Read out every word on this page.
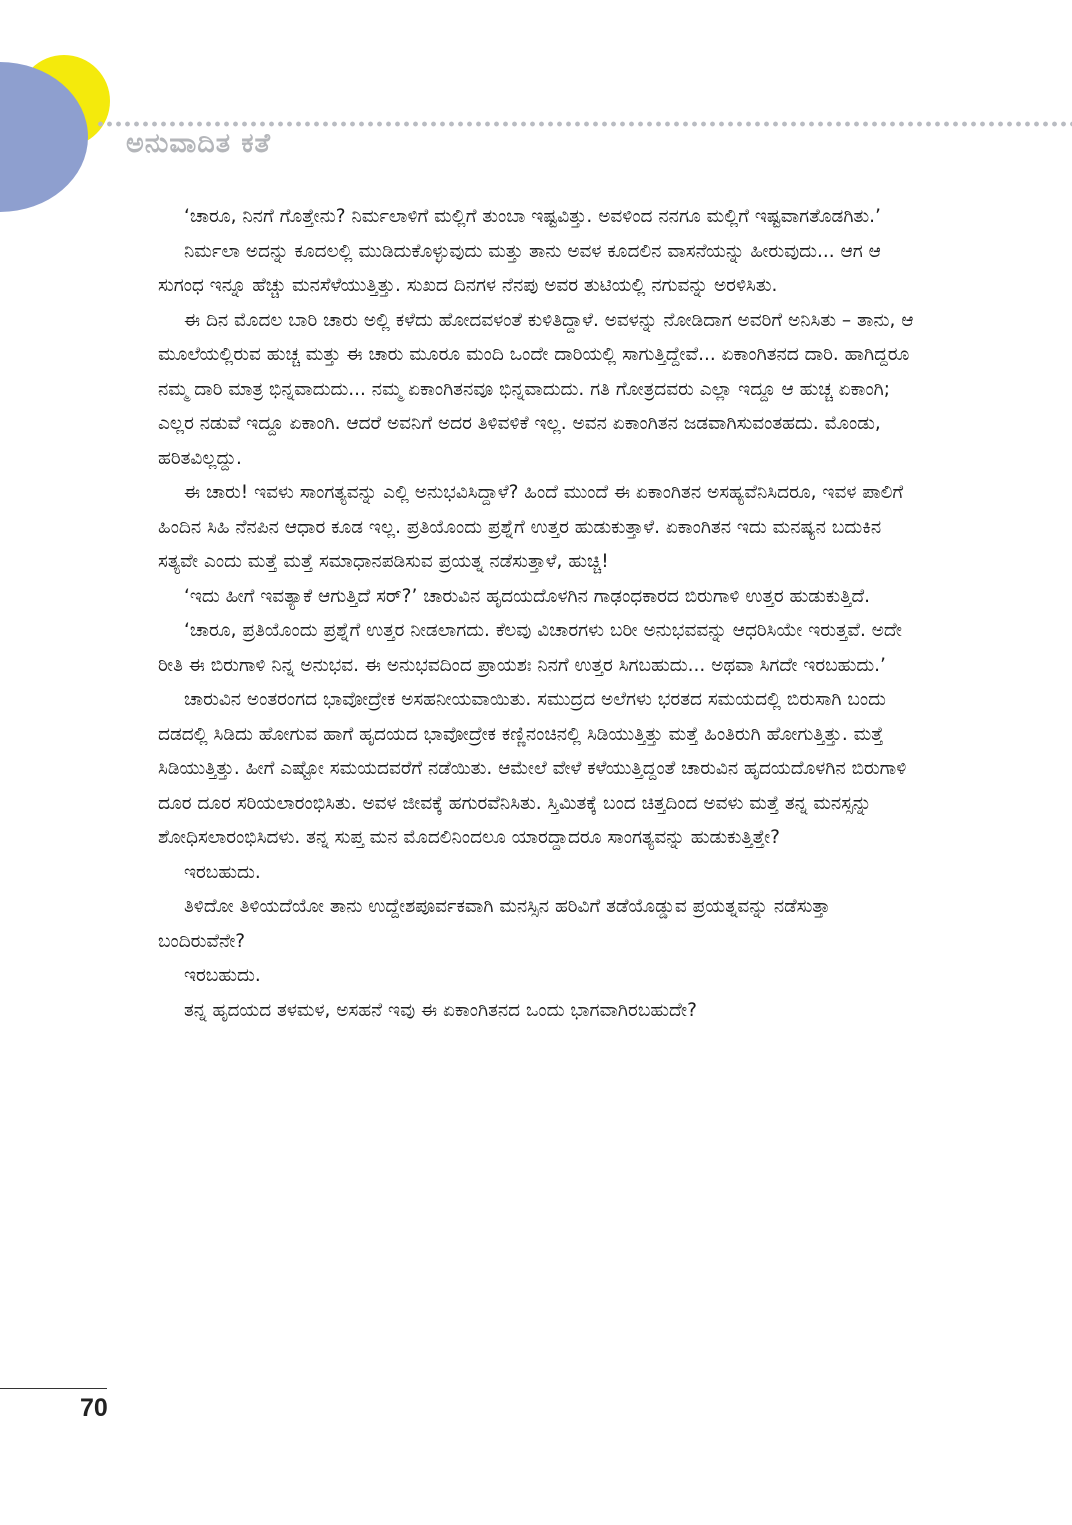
ಅನುವಾದಿತ ಕತೆ

‘ಚಾರೂ, ನಿನಗೆ ಗೊತ್ತೇನು? ನಿರ್ಮಲಾಳಿಗೆ ಮಲ್ಲಿಗೆ ತುಂಬಾ ಇಷ್ಟವಿತ್ತು. ಅವಳಿಂದ ನನಗೂ ಮಲ್ಲಿಗೆ ಇಷ್ಟವಾಗತೊಡಗಿತು.’

ನಿರ್ಮಲಾ ಅದನ್ನು ಕೂದಲಲ್ಲಿ ಮುಡಿದುಕೊಳ್ಳುವುದು ಮತ್ತು ತಾನು ಅವಳ ಕೂದಲಿನ ವಾಸನೆಯನ್ನು ಹೀರುವುದು... ಆಗ ಆ ಸುಗಂಧ ಇನ್ನೂ ಹೆಚ್ಚು ಮನಸೆಳೆಯುತ್ತಿತ್ತು. ಸುಖದ ದಿನಗಳ ನೆನಪು ಅವರ ತುಟಿಯಲ್ಲಿ ನಗುವನ್ನು ಅರಳಿಸಿತು.

ಈ ದಿನ ಮೊದಲ ಬಾರಿ ಚಾರು ಅಲ್ಲಿ ಕಳೆದು ಹೋದವಳಂತೆ ಕುಳಿತಿದ್ದಾಳೆ. ಅವಳನ್ನು ನೋಡಿದಾಗ ಅವರಿಗೆ ಅನಿಸಿತು – ತಾನು, ಆ ಮೂಲೆಯಲ್ಲಿರುವ ಹುಚ್ಚ ಮತ್ತು ಈ ಚಾರು ಮೂರೂ ಮಂದಿ ಒಂದೇ ದಾರಿಯಲ್ಲಿ ಸಾಗುತ್ತಿದ್ದೇವೆ... ಏಕಾಂಗಿತನದ ದಾರಿ. ಹಾಗಿದ್ದರೂ ನಮ್ಮ ದಾರಿ ಮಾತ್ರ ಭಿನ್ನವಾದುದು... ನಮ್ಮ ಏಕಾಂಗಿತನವೂ ಭಿನ್ನವಾದುದು. ಗತಿ ಗೋತ್ರದವರು ಎಲ್ಲಾ ಇದ್ದೂ ಆ ಹುಚ್ಚ ಏಕಾಂಗಿ; ಎಲ್ಲರ ನಡುವೆ ಇದ್ದೂ ಏಕಾಂಗಿ. ಆದರೆ ಅವನಿಗೆ ಅದರ ತಿಳಿವಳಿಕೆ ಇಲ್ಲ. ಅವನ ಏಕಾಂಗಿತನ ಜಡವಾಗಿಸುವಂತಹದು. ಮೊಂಡು, ಹರಿತವಿಲ್ಲದ್ದು.

ಈ ಚಾರು! ಇವಳು ಸಾಂಗತ್ಯವನ್ನು ಎಲ್ಲಿ ಅನುಭವಿಸಿದ್ದಾಳೆ? ಹಿಂದೆ ಮುಂದೆ ಈ ಏಕಾಂಗಿತನ ಅಸಹ್ಯವೆನಿಸಿದರೂ, ಇವಳ ಪಾಲಿಗೆ ಹಿಂದಿನ ಸಿಹಿ ನೆನಪಿನ ಆಧಾರ ಕೂಡ ಇಲ್ಲ. ಪ್ರತಿಯೊಂದು ಪ್ರಶ್ನೆಗೆ ಉತ್ತರ ಹುಡುಕುತ್ತಾಳೆ. ಏಕಾಂಗಿತನ ಇದು ಮನಷ್ಯನ ಬದುಕಿನ ಸತ್ಯವೇ ಎಂದು ಮತ್ತೆ ಮತ್ತೆ ಸಮಾಧಾನಪಡಿಸುವ ಪ್ರಯತ್ನ ನಡೆಸುತ್ತಾಳೆ, ಹುಚ್ಚಿ!

‘ಇದು ಹೀಗೆ ಇವತ್ಯಾಕೆ ಆಗುತ್ತಿದೆ ಸರ್?’ ಚಾರುವಿನ ಹೃದಯದೊಳಗಿನ ಗಾಢಂಧಕಾರದ ಬಿರುಗಾಳಿ ಉತ್ತರ ಹುಡುಕುತ್ತಿದೆ.

‘ಚಾರೂ, ಪ್ರತಿಯೊಂದು ಪ್ರಶ್ನೆಗೆ ಉತ್ತರ ನೀಡಲಾಗದು. ಕೆಲವು ವಿಚಾರಗಳು ಬರೀ ಅನುಭವವನ್ನು ಆಧರಿಸಿಯೇ ಇರುತ್ತವೆ. ಅದೇ ರೀತಿ ಈ ಬಿರುಗಾಳಿ ನಿನ್ನ ಅನುಭವ. ಈ ಅನುಭವದಿಂದ ಪ್ರಾಯಶಃ ನಿನಗೆ ಉತ್ತರ ಸಿಗಬಹುದು... ಅಥವಾ ಸಿಗದೇ ಇರಬಹುದು.’

ಚಾರುವಿನ ಅಂತರಂಗದ ಭಾವೋದ್ರೇಕ ಅಸಹನೀಯವಾಯಿತು. ಸಮುದ್ರದ ಅಲೆಗಳು ಭರತದ ಸಮಯದಲ್ಲಿ ಬಿರುಸಾಗಿ ಬಂದು ದಡದಲ್ಲಿ ಸಿಡಿದು ಹೋಗುವ ಹಾಗೆ ಹೃದಯದ ಭಾವೋದ್ರೇಕ ಕಣ್ಣಿನಂಚಿನಲ್ಲಿ ಸಿಡಿಯುತ್ತಿತ್ತು ಮತ್ತೆ ಹಿಂತಿರುಗಿ ಹೋಗುತ್ತಿತ್ತು. ಮತ್ತೆ ಸಿಡಿಯುತ್ತಿತ್ತು. ಹೀಗೆ ಎಷ್ಟೋ ಸಮಯದವರೆಗೆ ನಡೆಯಿತು. ಆಮೇಲೆ ವೇಳೆ ಕಳೆಯುತ್ತಿದ್ದಂತೆ ಚಾರುವಿನ ಹೃದಯದೊಳಗಿನ ಬಿರುಗಾಳಿ ದೂರ ದೂರ ಸರಿಯಲಾರಂಭಿಸಿತು. ಅವಳ ಜೀವಕ್ಕೆ ಹಗುರವೆನಿಸಿತು. ಸ್ತಿಮಿತಕ್ಕೆ ಬಂದ ಚಿತ್ತದಿಂದ ಅವಳು ಮತ್ತೆ ತನ್ನ ಮನಸ್ಸನ್ನು ಶೋಧಿಸಲಾರಂಭಿಸಿದಳು. ತನ್ನ ಸುಪ್ತ ಮನ ಮೊದಲಿನಿಂದಲೂ ಯಾರದ್ದಾದರೂ ಸಾಂಗತ್ಯವನ್ನು ಹುಡುಕುತ್ತಿತ್ತೇ?

ಇರಬಹುದು.

ತಿಳಿದೋ ತಿಳಿಯದೆಯೋ ತಾನು ಉದ್ದೇಶಪೂರ್ವಕವಾಗಿ ಮನಸ್ಸಿನ ಹರಿವಿಗೆ ತಡೆಯೊಡ್ಡುವ ಪ್ರಯತ್ನವನ್ನು ನಡೆಸುತ್ತಾ ಬಂದಿರುವೆನೇ?

ಇರಬಹುದು.

ತನ್ನ ಹೃದಯದ ತಳಮಳ, ಅಸಹನೆ ಇವು ಈ ಏಕಾಂಗಿತನದ ಒಂದು ಭಾಗವಾಗಿರಬಹುದೇ?

70
